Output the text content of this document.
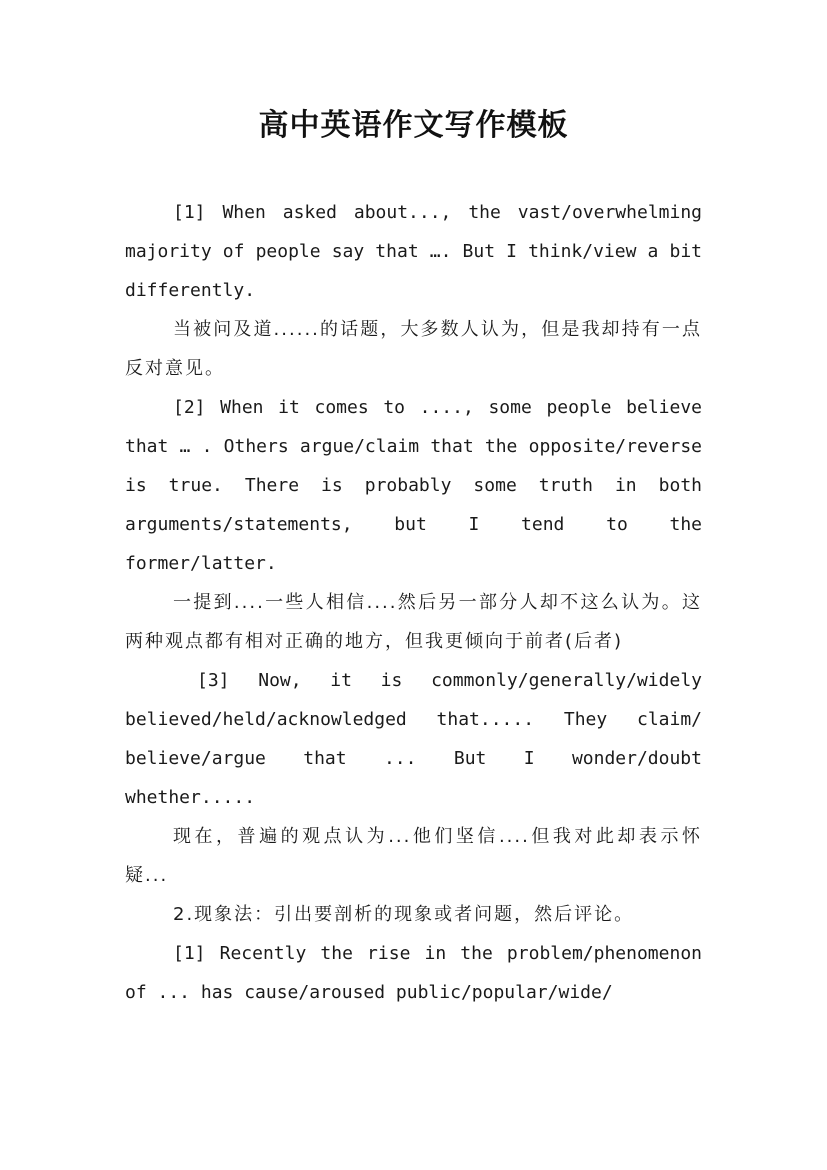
高中英语作文写作模板

[1] When asked about..., the vast/overwhelming majority of people say that …. But I think/view a bit differently.

当被问及道......的话题，大多数人认为，但是我却持有一点反对意见。

[2] When it comes to ...., some people believe that … . Others argue/claim that the opposite/reverse is true. There is probably some truth in both arguments/statements, but I tend to the former/latter.

一提到....一些人相信....然后另一部分人却不这么认为。这两种观点都有相对正确的地方，但我更倾向于前者(后者)

[3] Now, it is commonly/generally/widely believed/held/acknowledged that..... They claim/ believe/argue that ... But I wonder/doubt whether.....

现在，普遍的观点认为...他们坚信....但我对此却表示怀疑...

2.现象法：引出要剖析的现象或者问题，然后评论。

[1] Recently the rise in the problem/phenomenon of ... has cause/aroused public/popular/wide/
